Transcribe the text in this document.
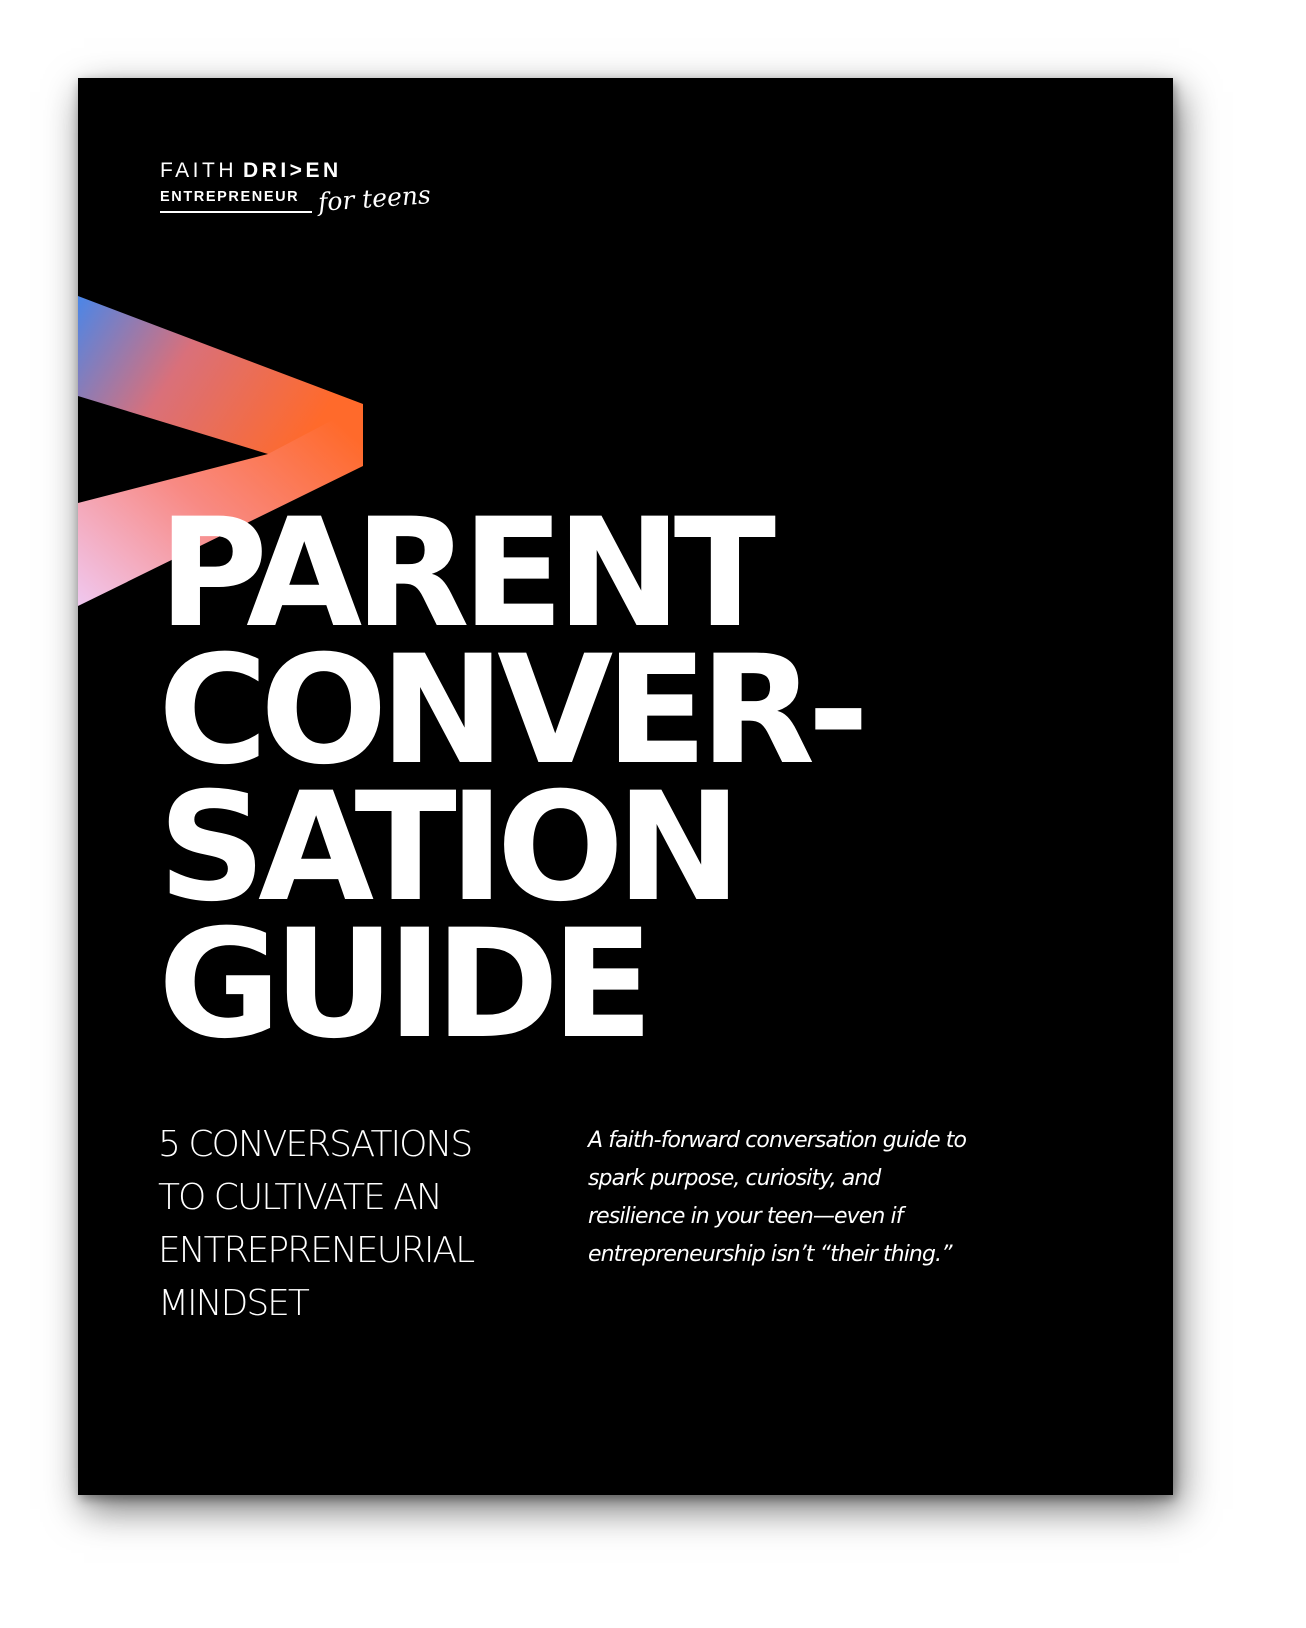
FAITH DRI>EN
ENTREPRENEUR for teens
PARENT
CONVER-
SATION
GUIDE
5 CONVERSATIONS
TO CULTIVATE AN
ENTREPRENEURIAL
MINDSET
A faith-forward conversation guide to
spark purpose, curiosity, and
resilience in your teen—even if
entrepreneurship isn’t “their thing.”
